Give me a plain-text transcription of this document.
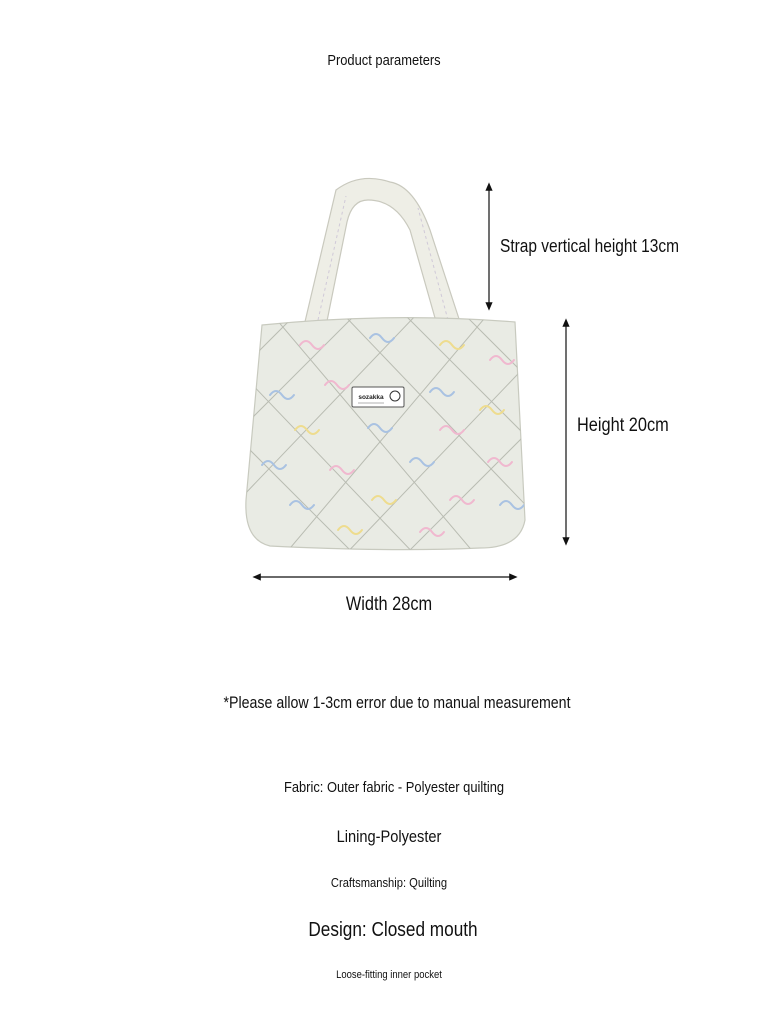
Product parameters
sozakka
Strap vertical height 13cm
Height 20cm
Width 28cm
*Please allow 1-3cm error due to manual measurement
Fabric: Outer fabric - Polyester quilting
Lining-Polyester
Craftsmanship: Quilting
Design: Closed mouth
Loose-fitting inner pocket
